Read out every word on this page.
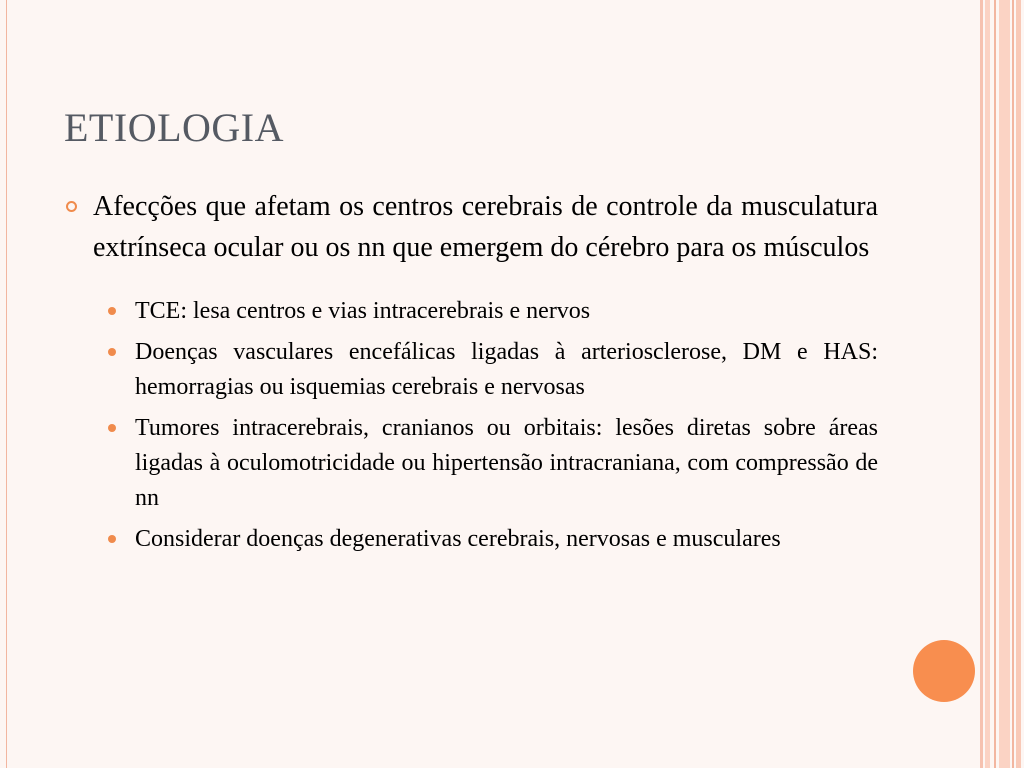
ETIOLOGIA
Afecções que afetam os centros cerebrais de controle da musculatura extrínseca ocular ou os nn que emergem do cérebro para os músculos
TCE: lesa centros e vias intracerebrais e nervos
Doenças vasculares encefálicas ligadas à arteriosclerose, DM e HAS: hemorragias ou isquemias cerebrais e nervosas
Tumores intracerebrais, cranianos ou orbitais: lesões diretas sobre áreas ligadas à oculomotricidade ou hipertensão intracraniana, com compressão de nn
Considerar doenças degenerativas cerebrais, nervosas e musculares
